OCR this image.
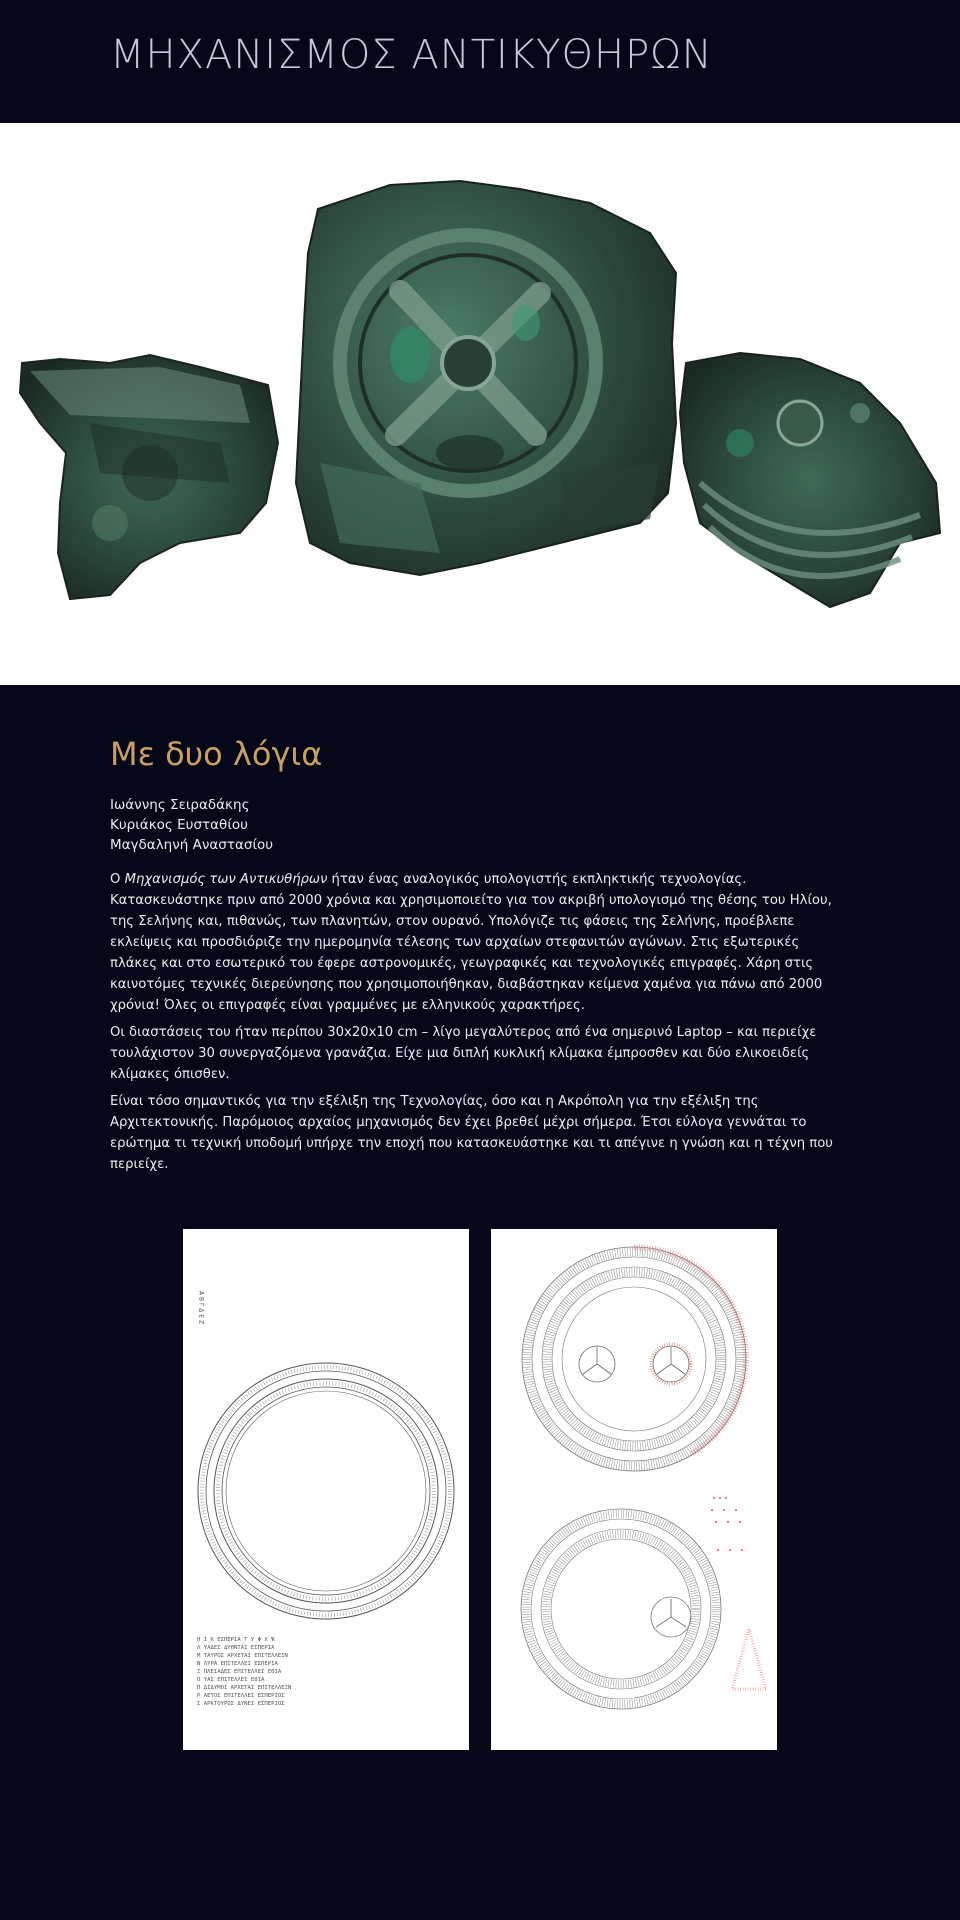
ΜΗΧΑΝΙΣΜΟΣ ΑΝΤΙΚΥΘΗΡΩΝ
Με δυο λόγια
Ιωάννης Σειραδάκης
Κυριάκος Ευσταθίου
Μαγδαληνή Αναστασίου

Ο Μηχανισμός των Αντικυθήρων ήταν ένας αναλογικός υπολογιστής εκπληκτικής τεχνολογίας. Κατασκευάστηκε πριν από 2000 χρόνια και χρησιμοποιείτο για τον ακριβή υπολογισμό της θέσης του Ηλίου, της Σελήνης και, πιθανώς, των πλανητών, στον ουρανό. Υπολόγιζε τις φάσεις της Σελήνης, προέβλεπε εκλείψεις και προσδιόριζε την ημερομηνία τέλεσης των αρχαίων στεφανιτών αγώνων. Στις εξωτερικές πλάκες και στο εσωτερικό του έφερε αστρονομικές, γεωγραφικές και τεχνολογικές επιγραφές. Χάρη στις καινοτόμες τεχνικές διερεύνησης που χρησιμοποιήθηκαν, διαβάστηκαν κείμενα χαμένα για πάνω από 2000 χρόνια! Όλες οι επιγραφές είναι γραμμένες με ελληνικούς χαρακτήρες.

Οι διαστάσεις του ήταν περίπου 30x20x10 cm – λίγο μεγαλύτερος από ένα σημερινό Laptop – και περιείχε τουλάχιστον 30 συνεργαζόμενα γρανάζια. Είχε μια διπλή κυκλική κλίμακα έμπροσθεν και δύο ελικοειδείς κλίμακες όπισθεν.

Είναι τόσο σημαντικός για την εξέλιξη της Τεχνολογίας, όσο και η Ακρόπολη για την εξέλιξη της Αρχιτεκτονικής. Παρόμοιος αρχαίος μηχανισμός δεν έχει βρεθεί μέχρι σήμερα. Έτσι εύλογα γεννάται το ερώτημα τι τεχνική υποδομή υπήρχε την εποχή που κατασκευάστηκε και τι απέγινε η γνώση και η τέχνη που περιείχε.

Α Β Γ Δ Ε Ζ
Η Ι Κ ΕΣΠΕΡΙΑ Τ Υ Φ Χ Ψ
Λ ΥΑΔΕΣ ΔΥΘΝΤΑΙ ΕΣΠΕΡΙΑ
Μ ΤΑΥΡΟΣ ΑΡΧΕΤΑΙ ΕΠΙΤΕΛΛΕΙΝ
Ν ΛΥΡΑ ΕΠΙΤΕΛΛΕΙ ΕΣΠΕΡΙΑ
Ξ ΠΛΕΙΑΔΕΣ ΕΠΙΤΕΛΛΕΙ ΕΘΙΑ
Ο ΥΑΣ ΕΠΙΤΕΛΛΕΙ ΕΘΙΑ
Π ΔΙΔΥΜΟΙ ΑΡΧΕΤΑΙ ΕΠΙΤΕΛΛΕΙΝ
Ρ ΑΕΤΟΣ ΕΠΙΤΕΛΛΕΙ ΕΣΠΕΡΙΟΣ
Σ ΑΡΚΤΟΥΡΟΣ ΔΥΝΕΙ ΕΣΠΕΡΙΟΣ
